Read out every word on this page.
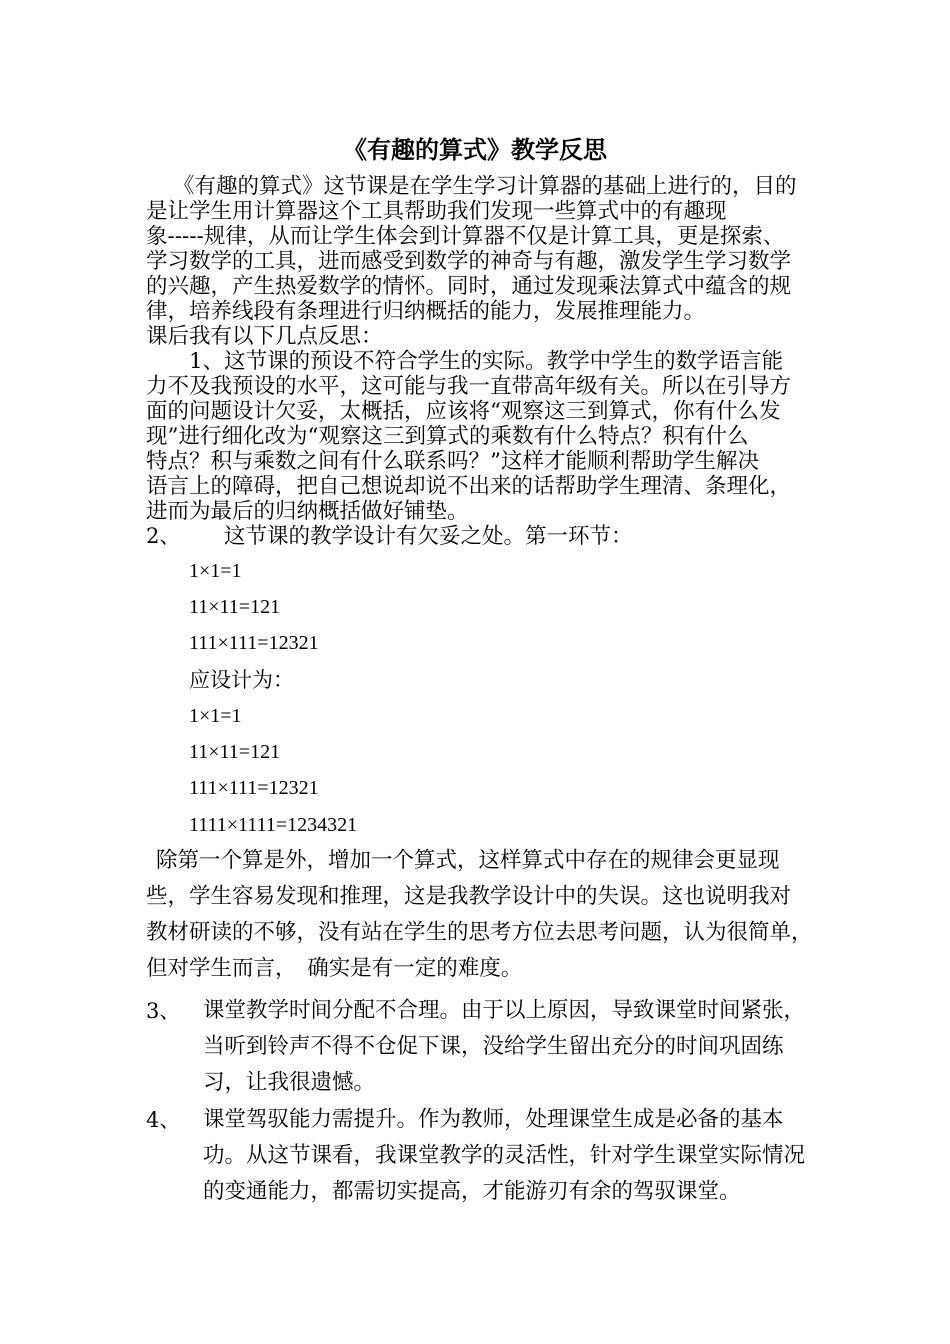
《有趣的算式》教学反思
《有趣的算式》这节课是在学生学习计算器的基础上进行的，目的
是让学生用计算器这个工具帮助我们发现一些算式中的有趣现
象-----规律，从而让学生体会到计算器不仅是计算工具，更是探索、
学习数学的工具，进而感受到数学的神奇与有趣，激发学生学习数学
的兴趣，产生热爱数学的情怀。同时，通过发现乘法算式中蕴含的规
律，培养线段有条理进行归纳概括的能力，发展推理能力。
课后我有以下几点反思：
1、这节课的预设不符合学生的实际。教学中学生的数学语言能
力不及我预设的水平，这可能与我一直带高年级有关。所以在引导方
面的问题设计欠妥，太概括，应该将“观察这三到算式，你有什么发
现”进行细化改为“观察这三到算式的乘数有什么特点？积有什么
特点？积与乘数之间有什么联系吗？”这样才能顺利帮助学生解决
语言上的障碍，把自己想说却说不出来的话帮助学生理清、条理化，
进而为最后的归纳概括做好铺垫。
2、 这节课的教学设计有欠妥之处。第一环节：
1×1=1
11×11=121
111×111=12321
应设计为：
1×1=1
11×11=121
111×111=12321
1111×1111=1234321
除第一个算是外，增加一个算式，这样算式中存在的规律会更显现
些，学生容易发现和推理，这是我教学设计中的失误。这也说明我对
教材研读的不够，没有站在学生的思考方位去思考问题，认为很简单，
但对学生而言，　确实是有一定的难度。
3、 课堂教学时间分配不合理。由于以上原因，导致课堂时间紧张，
当听到铃声不得不仓促下课，没给学生留出充分的时间巩固练
习，让我很遗憾。
4、 课堂驾驭能力需提升。作为教师，处理课堂生成是必备的基本
功。从这节课看，我课堂教学的灵活性，针对学生课堂实际情况
的变通能力，都需切实提高，才能游刃有余的驾驭课堂。
